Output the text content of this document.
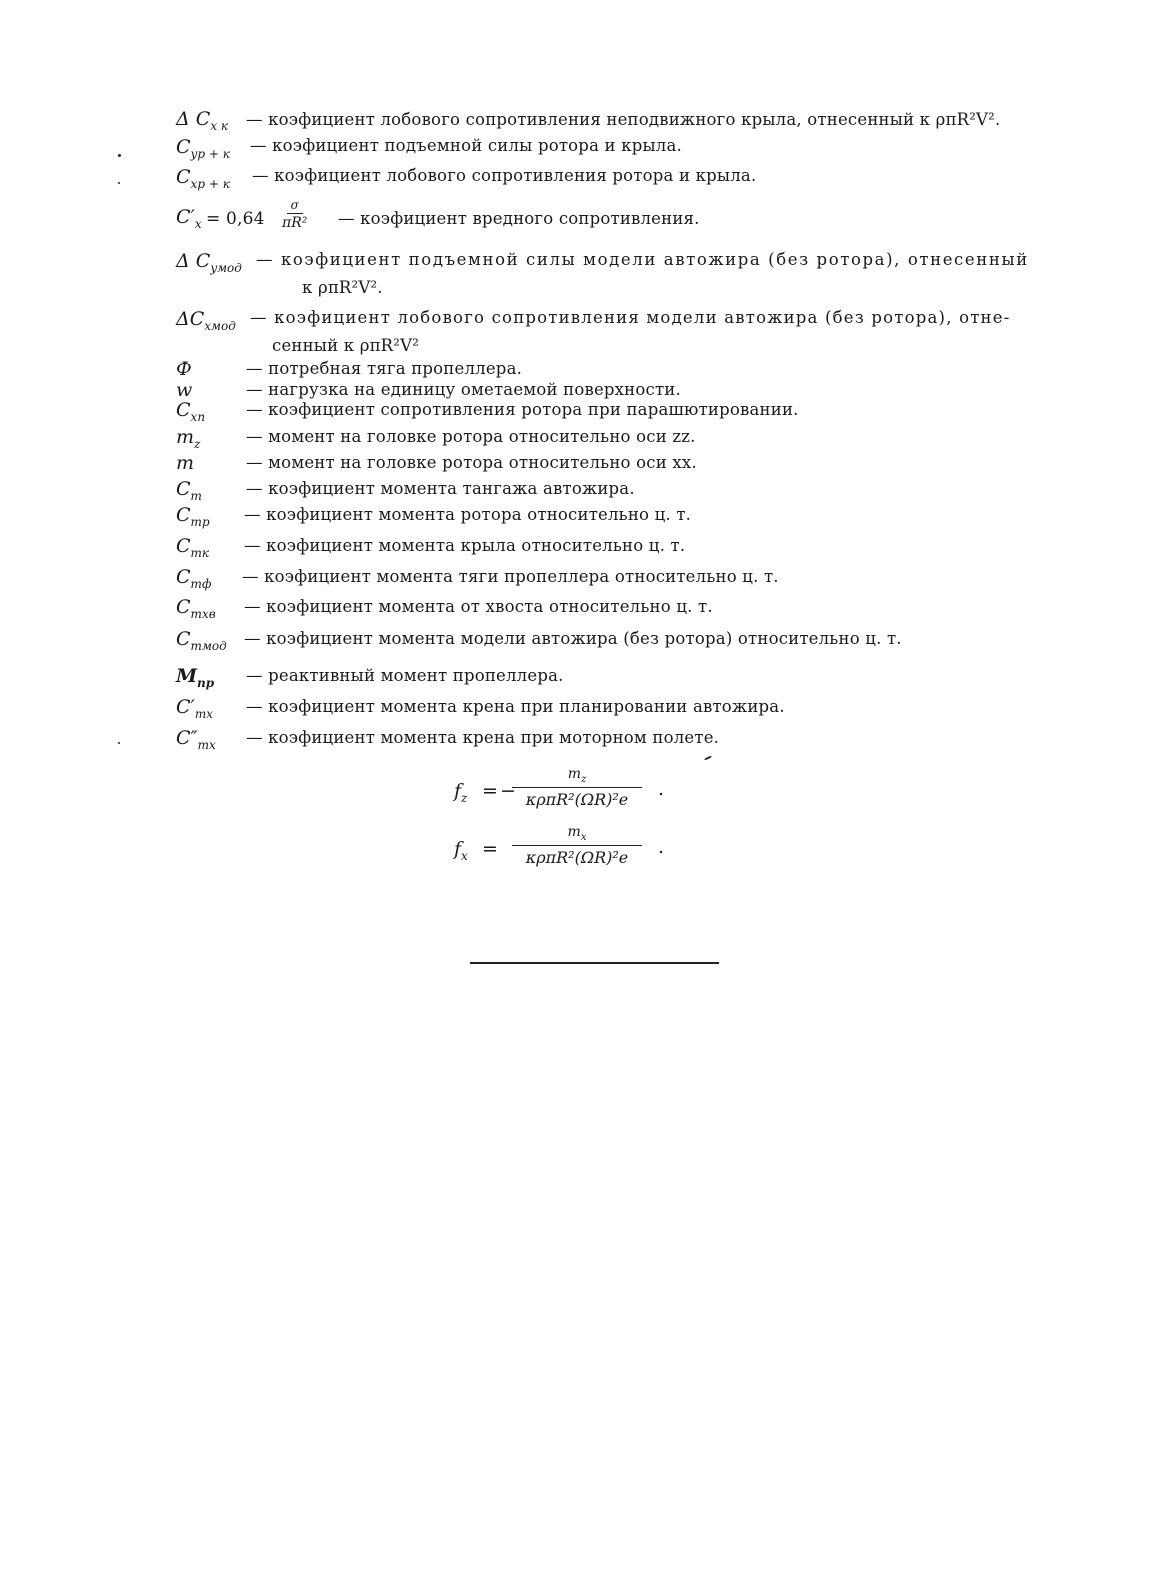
Δ $C_{x к}$ — коэфициент лобового сопротивления неподвижного крыла, отнесенный к ρπR²V².
$C_{yp + к}$ — коэфициент подъемной силы ротора и крыла.
$C_{xp + к}$ — коэфициент лобового сопротивления ротора и крыла.
$C'_x = 0,64 \frac{\sigma}{\text{πR²}}$ — коэфициент вредного сопротивления.
Δ $C_{yмод}$ — коэфициент подъемной силы модели автожира (без ротора), отнесенный
к ρπR²V².
$\Delta C_{xмод}$ — коэфициент лобового сопротивления модели автожира (без ротора), отне-
сенный к ρπR²V²
Ф	— потребная тяга пропеллера.
w	— нагрузка на единицу ометаемой поверхности.
$C_{xn}$ — коэфициент сопротивления ротора при парашютировании.
$m_z$	— момент на головке ротора относительно оси zz.
m	— момент на головке ротора относительно оси xx.
$C_m$	— коэфициент момента тангажа автожира.
$C_{mp}$ — коэфициент момента ротора относительно ц. т.
$C_{mк}$ — коэфициент момента крыла относительно ц. т.
$C_{mф}$ — коэфициент момента тяги пропеллера относительно ц. т.
$C_{mxв}$ — коэфициент момента от хвоста относительно ц. т.
$C_{mмод}$ — коэфициент момента модели автожира (без ротора) относительно ц. т.
$M_{np}$ — реактивный момент пропеллера.
$C'_{mx}$ — коэфициент момента крена при планировании автожира.
$C''_{mx}$ — коэфициент момента крена при моторном полете.
$f_z$ = −
$m_z$
κρπR²(ΩR)²e .
$f_x$ =
$m_x$
κρπR²(ΩR)²e .
